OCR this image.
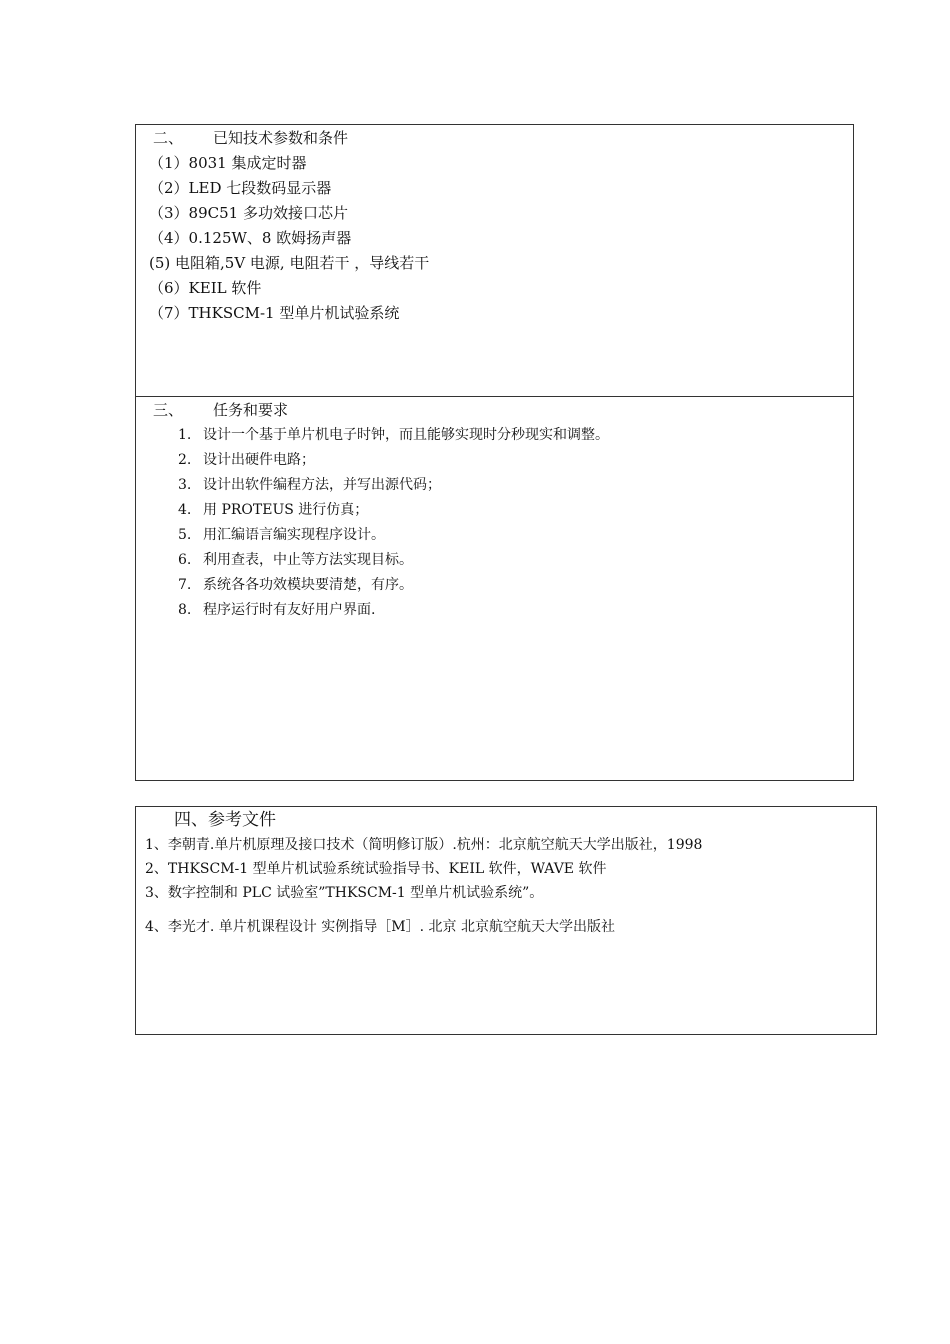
二、 已知技术参数和条件
（1）8031 集成定时器
（2）LED 七段数码显示器
（3）89C51 多功效接口芯片
（4）0.125W、8 欧姆扬声器
(5) 电阻箱,5V 电源, 电阻若干 ，导线若干
（6）KEIL 软件
（7）THKSCM-1 型单片机试验系统
三、 任务和要求
1. 设计一个基于单片机电子时钟，而且能够实现时分秒现实和调整。
2. 设计出硬件电路；
3. 设计出软件编程方法，并写出源代码；
4. 用 PROTEUS 进行仿真；
5. 用汇编语言编实现程序设计。
6. 利用查表，中止等方法实现目标。
7. 系统各各功效模块要清楚，有序。
8. 程序运行时有友好用户界面.
四、参考文件
1、李朝青.单片机原理及接口技术（简明修订版）.杭州：北京航空航天大学出版社，1998
2、THKSCM-1 型单片机试验系统试验指导书、KEIL 软件，WAVE 软件
3、数字控制和 PLC 试验室”THKSCM-1 型单片机试验系统”。
4、李光才. 单片机课程设计 实例指导［M］. 北京 北京航空航天大学出版社
